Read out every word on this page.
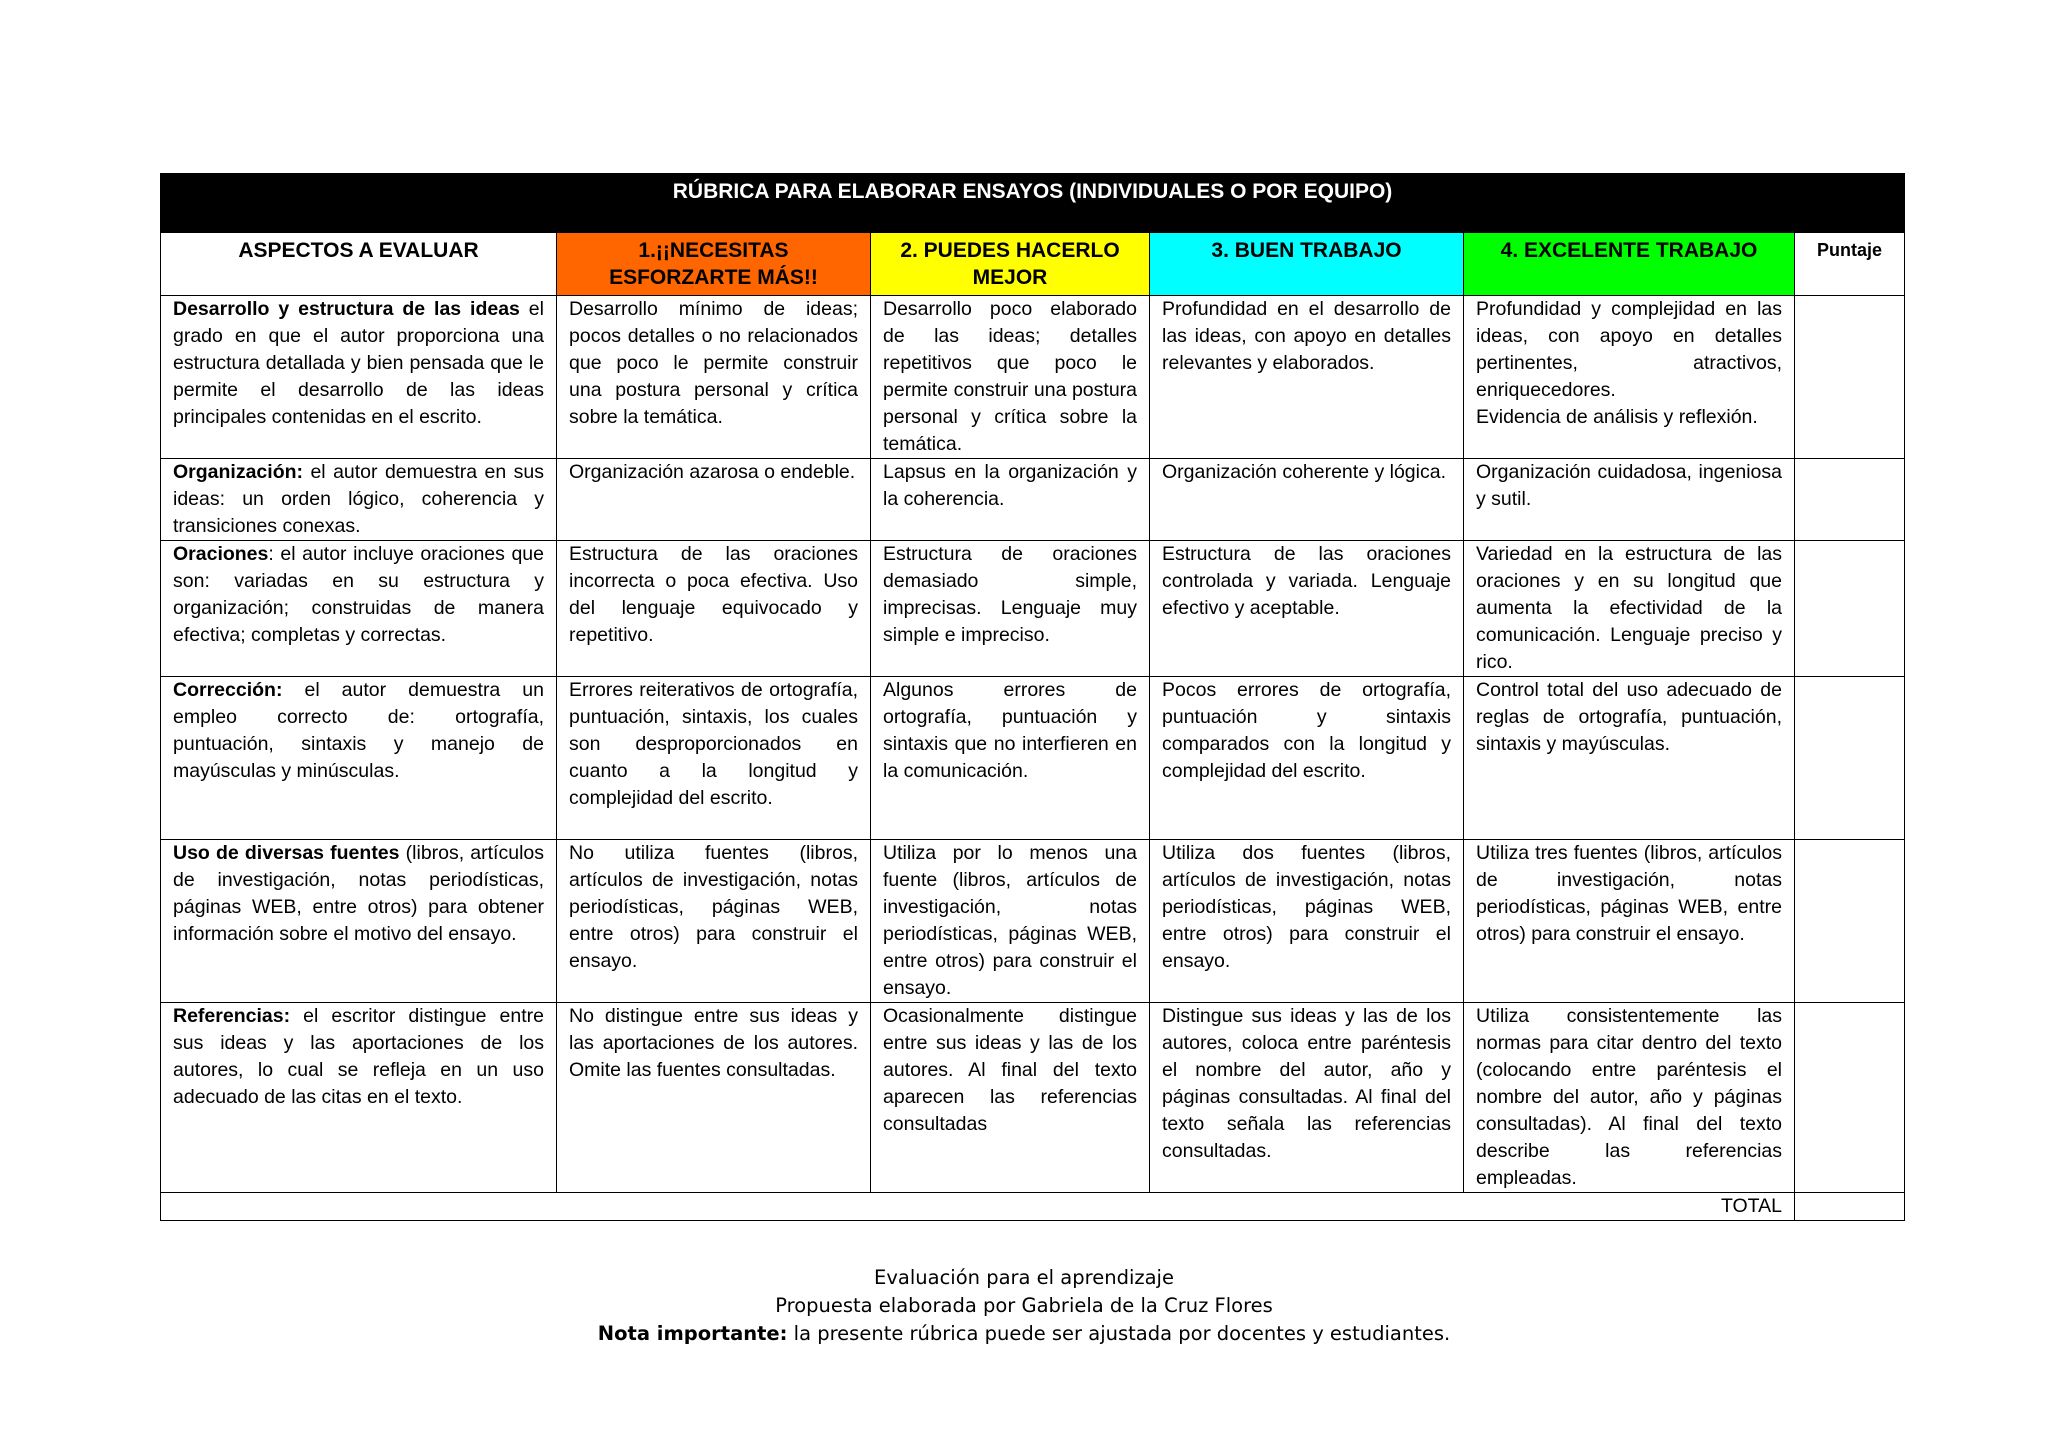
RÚBRICA PARA ELABORAR ENSAYOS (INDIVIDUALES O POR EQUIPO)					
ASPECTOS A EVALUAR	1.¡¡NECESITAS ESFORZARTE MÁS!!	2. PUEDES HACERLO MEJOR	3. BUEN TRABAJO	4. EXCELENTE TRABAJO	Puntaje
Desarrollo y estructura de las ideas el grado en que el autor proporciona una estructura detallada y bien pensada que le permite el desarrollo de las ideas principales contenidas en el escrito.	Desarrollo mínimo de ideas; pocos detalles o no relacionados que poco le permite construir una postura personal y crítica sobre la temática.	Desarrollo poco elaborado de las ideas; detalles repetitivos que poco le permite construir una postura personal y crítica sobre la temática.	Profundidad en el desarrollo de las ideas, con apoyo en detalles relevantes y elaborados.	Profundidad y complejidad en las ideas, con apoyo en detalles pertinentes, atractivos, enriquecedores.
Evidencia de análisis y reflexión.	
Organización: el autor demuestra en sus ideas: un orden lógico, coherencia y transiciones conexas.	Organización azarosa o endeble.	Lapsus en la organización y la coherencia.	Organización coherente y lógica.	Organización cuidadosa, ingeniosa y sutil.	
Oraciones: el autor incluye oraciones que son: variadas en su estructura y organización; construidas de manera efectiva; completas y correctas.	Estructura de las oraciones incorrecta o poca efectiva. Uso del lenguaje equivocado y repetitivo.	Estructura de oraciones demasiado simple, imprecisas. Lenguaje muy simple e impreciso.	Estructura de las oraciones controlada y variada. Lenguaje efectivo y aceptable.	Variedad en la estructura de las oraciones y en su longitud que aumenta la efectividad de la comunicación. Lenguaje preciso y rico.	
Corrección: el autor demuestra un empleo correcto de: ortografía, puntuación, sintaxis y manejo de mayúsculas y minúsculas.	Errores reiterativos de ortografía, puntuación, sintaxis, los cuales son desproporcionados en cuanto a la longitud y complejidad del escrito.	Algunos errores de ortografía, puntuación y sintaxis que no interfieren en la comunicación.	Pocos errores de ortografía, puntuación y sintaxis comparados con la longitud y complejidad del escrito.	Control total del uso adecuado de reglas de ortografía, puntuación, sintaxis y mayúsculas.	
Uso de diversas fuentes (libros, artículos de investigación, notas periodísticas, páginas WEB, entre otros) para obtener información sobre el motivo del ensayo.	No utiliza fuentes (libros, artículos de investigación, notas periodísticas, páginas WEB, entre otros) para construir el ensayo.	Utiliza por lo menos una fuente (libros, artículos de investigación, notas periodísticas, páginas WEB, entre otros) para construir el ensayo.	Utiliza dos fuentes (libros, artículos de investigación, notas periodísticas, páginas WEB, entre otros) para construir el ensayo.	Utiliza tres fuentes (libros, artículos de investigación, notas periodísticas, páginas WEB, entre otros) para construir el ensayo.	
Referencias: el escritor distingue entre sus ideas y las aportaciones de los autores, lo cual se refleja en un uso adecuado de las citas en el texto.	No distingue entre sus ideas y las aportaciones de los autores. Omite las fuentes consultadas.	Ocasionalmente distingue entre sus ideas y las de los autores. Al final del texto aparecen las referencias consultadas	Distingue sus ideas y las de los autores, coloca entre paréntesis el nombre del autor, año y páginas consultadas. Al final del texto señala las referencias consultadas.	Utiliza consistentemente las normas para citar dentro del texto (colocando entre paréntesis el nombre del autor, año y páginas consultadas). Al final del texto describe las referencias empleadas.	
TOTAL					
Evaluación para el aprendizaje
Propuesta elaborada por Gabriela de la Cruz Flores
Nota importante: la presente rúbrica puede ser ajustada por docentes y estudiantes.
